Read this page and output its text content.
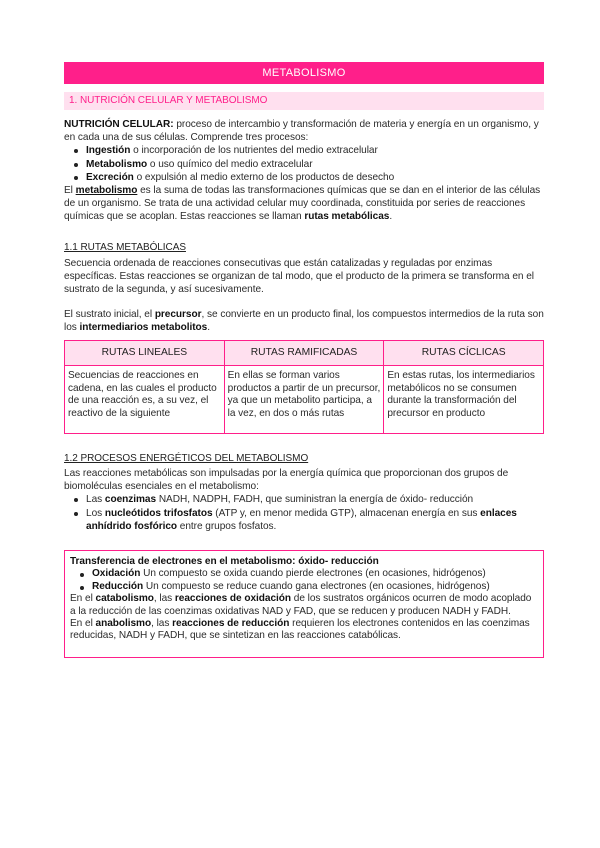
METABOLISMO
1. NUTRICIÓN CELULAR Y METABOLISMO

NUTRICIÓN CELULAR: proceso de intercambio y transformación de materia y energía en un organismo, y en cada una de sus células. Comprende tres procesos:

Ingestión o incorporación de los nutrientes del medio extracelular
Metabolismo o uso químico del medio extracelular
Excreción o expulsión al medio externo de los productos de desecho

El metabolismo es la suma de todas las transformaciones químicas que se dan en el interior de las células de un organismo. Se trata de una actividad celular muy coordinada, constituida por series de reacciones químicas que se acoplan. Estas reacciones se llaman rutas metabólicas.

1.1 RUTAS METABÓLICAS

Secuencia ordenada de reacciones consecutivas que están catalizadas y reguladas por enzimas específicas. Estas reacciones se organizan de tal modo, que el producto de la primera se transforma en el sustrato de la segunda, y así sucesivamente.

El sustrato inicial, el precursor, se convierte en un producto final, los compuestos intermedios de la ruta son los intermediarios metabolitos.

RUTAS LINEALES	RUTAS RAMIFICADAS	RUTAS CÍCLICAS
Secuencias de reacciones en cadena, en las cuales el producto de una reacción es, a su vez, el reactivo de la siguiente	En ellas se forman varios productos a partir de un precursor, ya que un metabolito participa, a la vez, en dos o más rutas	En estas rutas, los intermediarios metabólicos no se consumen durante la transformación del precursor en producto
1.2 PROCESOS ENERGÉTICOS DEL METABOLISMO

Las reacciones metabólicas son impulsadas por la energía química que proporcionan dos grupos de biomoléculas esenciales en el metabolismo:

Las coenzimas NADH, NADPH, FADH, que suministran la energía de óxido- reducción
Los nucleótidos trifosfatos (ATP y, en menor medida GTP), almacenan energía en sus enlaces anhídrido fosfórico entre grupos fosfatos.
Transferencia de electrones en el metabolismo: óxido- reducción
Oxidación Un compuesto se oxida cuando pierde electrones (en ocasiones, hidrógenos)
Reducción Un compuesto se reduce cuando gana electrones (en ocasiones, hidrógenos)

En el catabolismo, las reacciones de oxidación de los sustratos orgánicos ocurren de modo acoplado a la reducción de las coenzimas oxidativas NAD y FAD, que se reducen y producen NADH y FADH.

En el anabolismo, las reacciones de reducción requieren los electrones contenidos en las coenzimas reducidas, NADH y FADH, que se sintetizan en las reacciones catabólicas.
